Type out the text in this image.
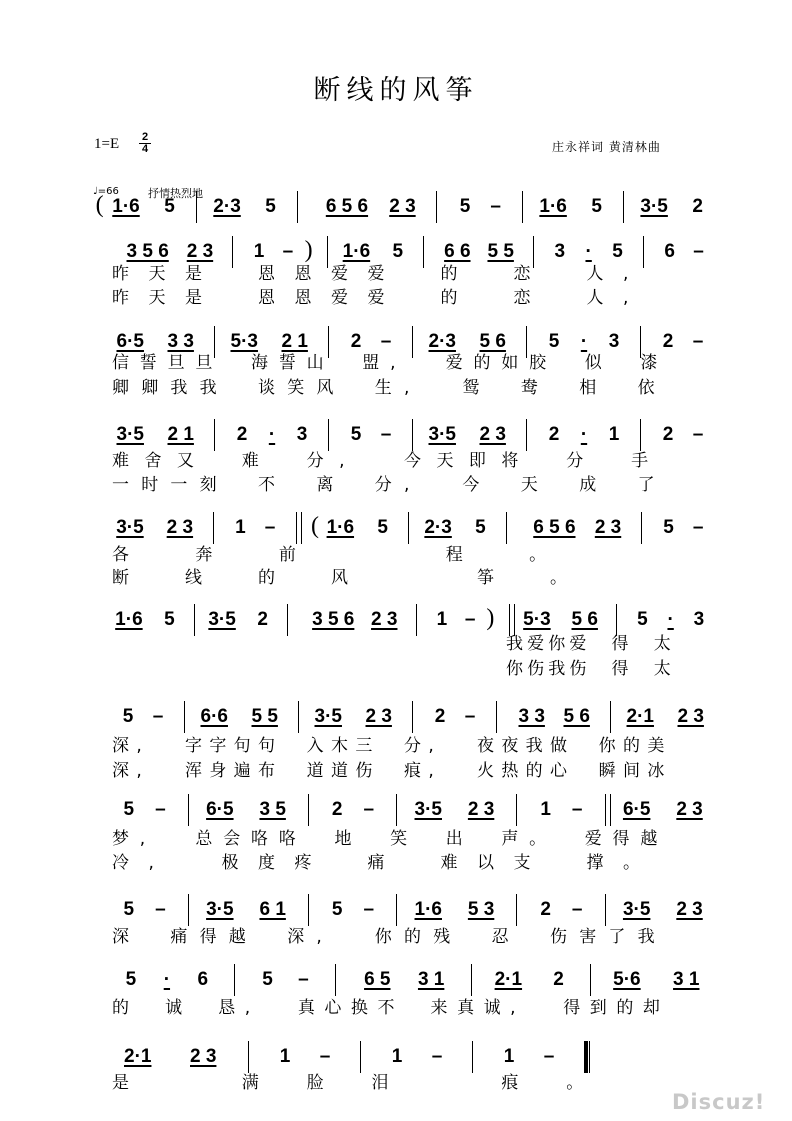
断线的风筝
1=E 2
4	庄永祥词 黄清林曲
♩=66	抒情热烈地
( 1·6 5 2·3 5	6 5 6 2 3 5 – 1·6 5 3·5 2
3 5 6 2 3 1 – ) 1·6 5 6 6 5 5 3 · 5 6 –
昨天是 恩恩爱爱 的 恋 人,
昨天是 恩恩爱爱 的 恋 人,
6·5 3 3 5·3 2 1 2 – 2·3 5 6 5 · 3 2 –
信誓旦旦 海誓山 盟, 爱的如胶 似 漆
卿卿我我 谈笑风 生, 鸳 鸯 相 依
3·5 2 1 2 · 3 5 – 3·5 2 3 2 · 1 2 –
难舍又 难 分,	今天即将 分 手
一时一刻 不 离 分, 今 天 成 了
3·5 2 3 1 – ( 1·6 5 2·3 5	6 5 6 2 3 5 –
各奔前	程。
断线的风	筝。
1·6 5 3·5 2 3 5 6 2 3 1 – ) 5·3 5 6 5 · 3
我爱你爱 得 太
你伤我伤 得 太
5 – 6·6 5 5 3·5 2 3 2 – 3 3 5 6 2·1 2 3
深, 字字句句 入木三 分, 夜夜我做 你的美
深, 浑身遍布 道道伤 痕, 火热的心 瞬间冰
5 – 6·5 3 5 2 – 3·5 2 3 1 – 6·5 2 3
梦, 总会咯咯 地 笑 出 声。 爱得越
冷,	极度疼 痛 难以支 撑。
5 – 3·5 6 1 5 – 1·6 5 3 2 – 3·5 2 3
深 痛得越 深, 你的残 忍 伤害了我
5 · 6	5 –	6 5 3 1	2·1 2	5·6 3 1
的 诚 恳, 真心换不 来真诚, 得到的却
2·1 2 3	1 –	1 –	1 –
是	满脸泪	痕。
Discuz!
